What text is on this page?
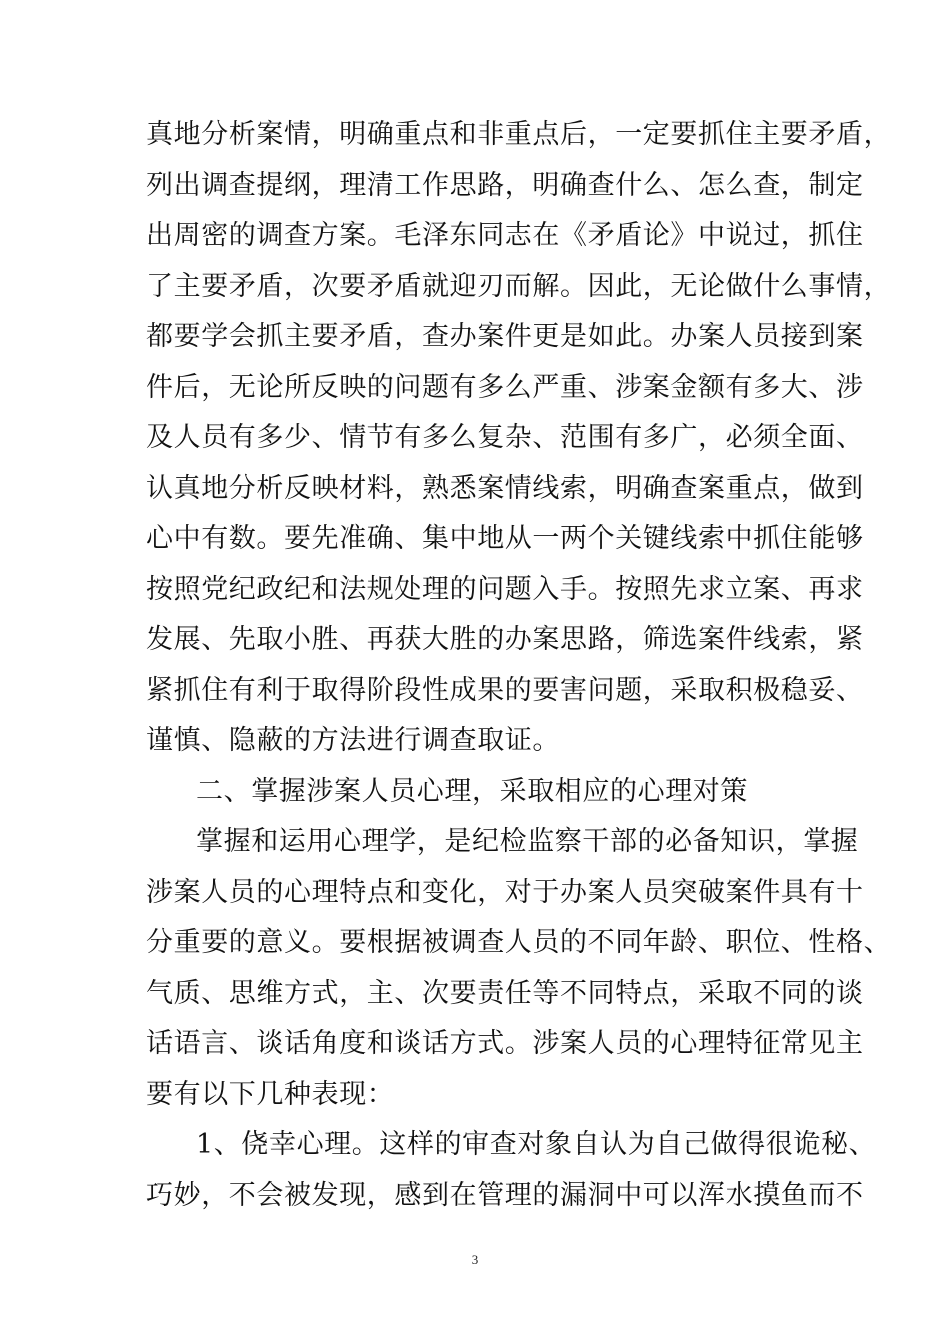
真地分析案情，明确重点和非重点后，一定要抓住主要矛盾，
列出调查提纲，理清工作思路，明确查什么、怎么查，制定
出周密的调查方案。毛泽东同志在《矛盾论》中说过，抓住
了主要矛盾，次要矛盾就迎刃而解。因此，无论做什么事情，
都要学会抓主要矛盾，查办案件更是如此。办案人员接到案
件后，无论所反映的问题有多么严重、涉案金额有多大、涉
及人员有多少、情节有多么复杂、范围有多广，必须全面、
认真地分析反映材料，熟悉案情线索，明确查案重点，做到
心中有数。要先准确、集中地从一两个关键线索中抓住能够
按照党纪政纪和法规处理的问题入手。按照先求立案、再求
发展、先取小胜、再获大胜的办案思路，筛选案件线索，紧
紧抓住有利于取得阶段性成果的要害问题，采取积极稳妥、
谨慎、隐蔽的方法进行调查取证。
二、掌握涉案人员心理，采取相应的心理对策
掌握和运用心理学，是纪检监察干部的必备知识，掌握
涉案人员的心理特点和变化，对于办案人员突破案件具有十
分重要的意义。要根据被调查人员的不同年龄、职位、性格、
气质、思维方式，主、次要责任等不同特点，采取不同的谈
话语言、谈话角度和谈话方式。涉案人员的心理特征常见主
要有以下几种表现：
1、侥幸心理。这样的审查对象自认为自己做得很诡秘、
巧妙，不会被发现，感到在管理的漏洞中可以浑水摸鱼而不
3
